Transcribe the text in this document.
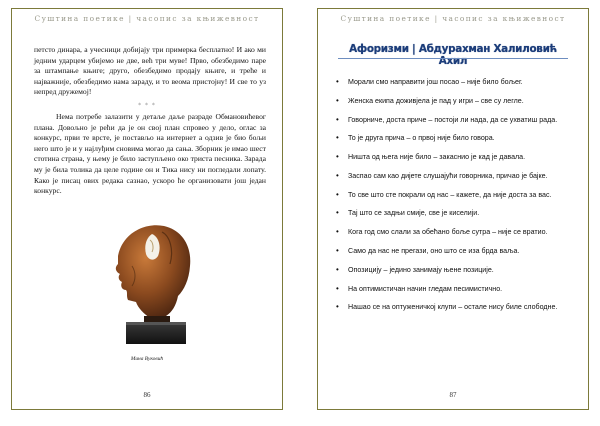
Суштина поетике | часопис за књижевност
петсто динара, а учесници добијају три примерка бесплатно! И ако ми једним ударцем убијемо не две, већ три муве! Прво, обезбедимо паре за штампање књиге; друго, обезбедимо продају књиге, и треће и најважније, обезбедимо нама зараду, и то веома пристојну! И све то уз непред дружемој!
* * *
Нема потребе залазити у детаље даље разраде Обмановићевог плана. Довољно је рећи да је он свој план спровео у дело, оглас за конкурс, први те врсте, је постављо на интернет а одзив је био бољи него што је и у најлуђим сновима могао да сања. Зборник је имао шест стотина страна, у њему је било заступљено око триста песника. Зарада му је била толика да целе године он и Тика нису ни погледали лопату. Како је писац ових редака сазнао, ускоро ће организовати још један конкурс.
Мина Вуковић
86
Суштина поетике | часопис за књижевност
Афоризми | Абдурахман Халиловић Ахил
• Морали смо направити још посао – није било бољег.
• Женска екипа доживјела је пад у игри – све су легле.
• Говорниче, доста приче – постоји ли нада, да се ухватиш рада.
• То је друга прича – о првој није било говора.
• Ништа од њега није било – закаснио је кад је давала.
• Заспао сам као дијете слушајући говорника, причао је бајке.
• То све што сте покрали од нас – кажете, да није доста за вас.
• Тај што се задњи смије, све је киселији.
• Кога год смо слали за обећано боље сутра – није се вратио.
• Само да нас не прегази, оно што се иза брда ваља.
• Опозицију – једино занимају њене позиције.
• На оптимистичан начин гледам песимистично.
• Нашао се на оптуженичкој клупи – остале нису биле слободне.
87
